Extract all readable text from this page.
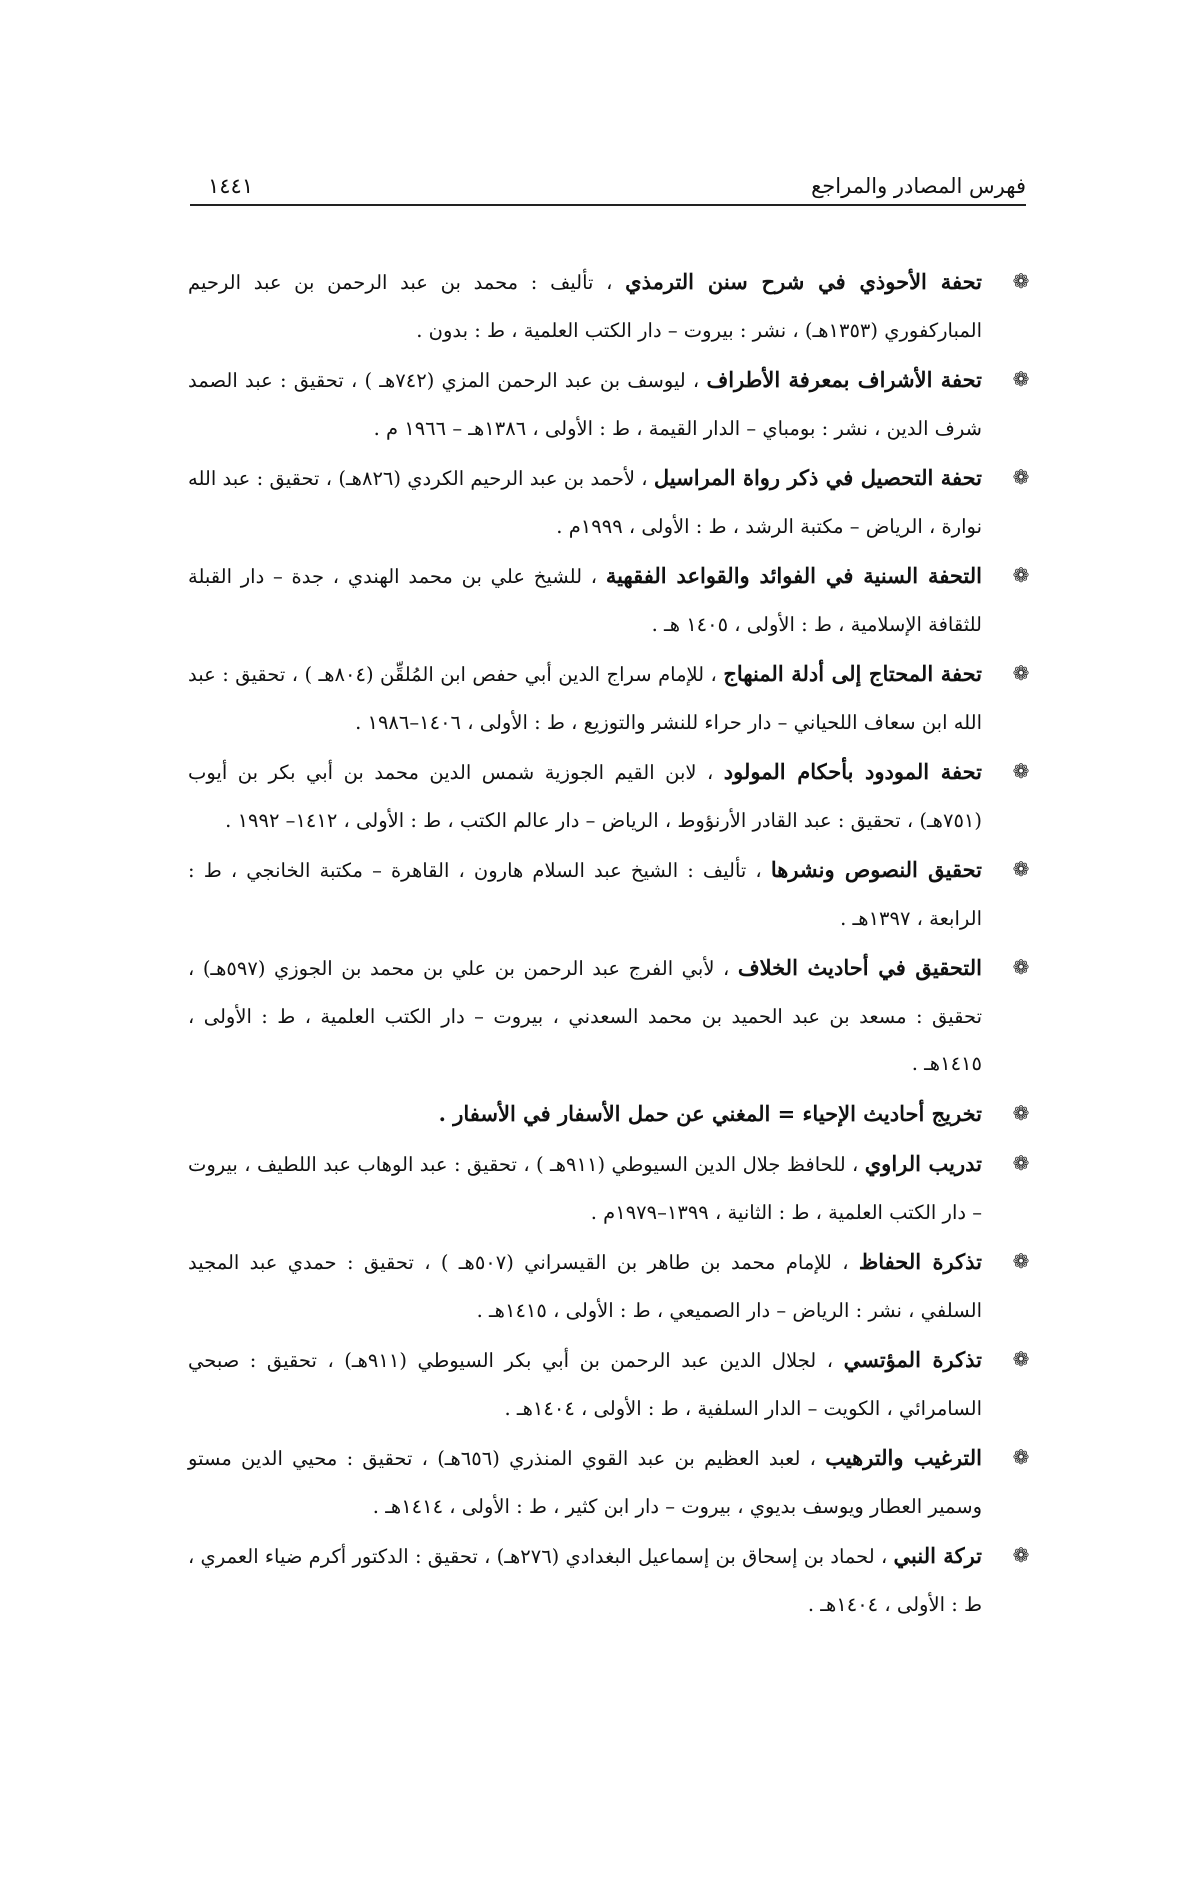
فهرس المصادر والمراجع
١٤٤١
❁
تحفة الأحوذي في شرح سنن الترمذي ، تأليف : محمد بن عبد الرحمن بن عبد الرحيم المباركفوري (١٣٥٣هـ) ، نشر : بيروت – دار الكتب العلمية ، ط : بدون .
❁
تحفة الأشراف بمعرفة الأطراف ، ليوسف بن عبد الرحمن المزي (٧٤٢هـ ) ، تحقيق : عبد الصمد شرف الدين ، نشر : بومباي – الدار القيمة ، ط : الأولى ، ١٣٨٦هـ – ١٩٦٦ م .
❁
تحفة التحصيل في ذكر رواة المراسيل ، لأحمد بن عبد الرحيم الكردي (٨٢٦هـ) ، تحقيق : عبد الله نوارة ، الرياض – مكتبة الرشد ، ط : الأولى ، ١٩٩٩م .
❁
التحفة السنية في الفوائد والقواعد الفقهية ، للشيخ علي بن محمد الهندي ، جدة – دار القبلة للثقافة الإسلامية ، ط : الأولى ، ١٤٠٥ هـ .
❁
تحفة المحتاج إلى أدلة المنهاج ، للإمام سراج الدين أبي حفص ابن المُلقِّن (٨٠٤هـ ) ، تحقيق : عبد الله ابن سعاف اللحياني – دار حراء للنشر والتوزيع ، ط : الأولى ، ١٤٠٦–١٩٨٦ .
❁
تحفة المودود بأحكام المولود ، لابن القيم الجوزية شمس الدين محمد بن أبي بكر بن أيوب (٧٥١هـ) ، تحقيق : عبد القادر الأرنؤوط ، الرياض – دار عالم الكتب ، ط : الأولى ، ١٤١٢– ١٩٩٢ .
❁
تحقيق النصوص ونشرها ، تأليف : الشيخ عبد السلام هارون ، القاهرة – مكتبة الخانجي ، ط : الرابعة ، ١٣٩٧هـ .
❁
التحقيق في أحاديث الخلاف ، لأبي الفرج عبد الرحمن بن علي بن محمد بن الجوزي (٥٩٧هـ) ، تحقيق : مسعد بن عبد الحميد بن محمد السعدني ، بيروت – دار الكتب العلمية ، ط : الأولى ، ١٤١٥هـ .
❁
تخريج أحاديث الإحياء = المغني عن حمل الأسفار في الأسفار .
❁
تدريب الراوي ، للحافظ جلال الدين السيوطي (٩١١هـ ) ، تحقيق : عبد الوهاب عبد اللطيف ، بيروت – دار الكتب العلمية ، ط : الثانية ، ١٣٩٩–١٩٧٩م .
❁
تذكرة الحفاظ ، للإمام محمد بن طاهر بن القيسراني (٥٠٧هـ ) ، تحقيق : حمدي عبد المجيد السلفي ، نشر : الرياض – دار الصميعي ، ط : الأولى ، ١٤١٥هـ .
❁
تذكرة المؤتسي ، لجلال الدين عبد الرحمن بن أبي بكر السيوطي (٩١١هـ) ، تحقيق : صبحي السامرائي ، الكويت – الدار السلفية ، ط : الأولى ، ١٤٠٤هـ .
❁
الترغيب والترهيب ، لعبد العظيم بن عبد القوي المنذري (٦٥٦هـ) ، تحقيق : محيي الدين مستو وسمير العطار ويوسف بديوي ، بيروت – دار ابن كثير ، ط : الأولى ، ١٤١٤هـ .
❁
تركة النبي ، لحماد بن إسحاق بن إسماعيل البغدادي (٢٧٦هـ) ، تحقيق : الدكتور أكرم ضياء العمري ، ط : الأولى ، ١٤٠٤هـ .
